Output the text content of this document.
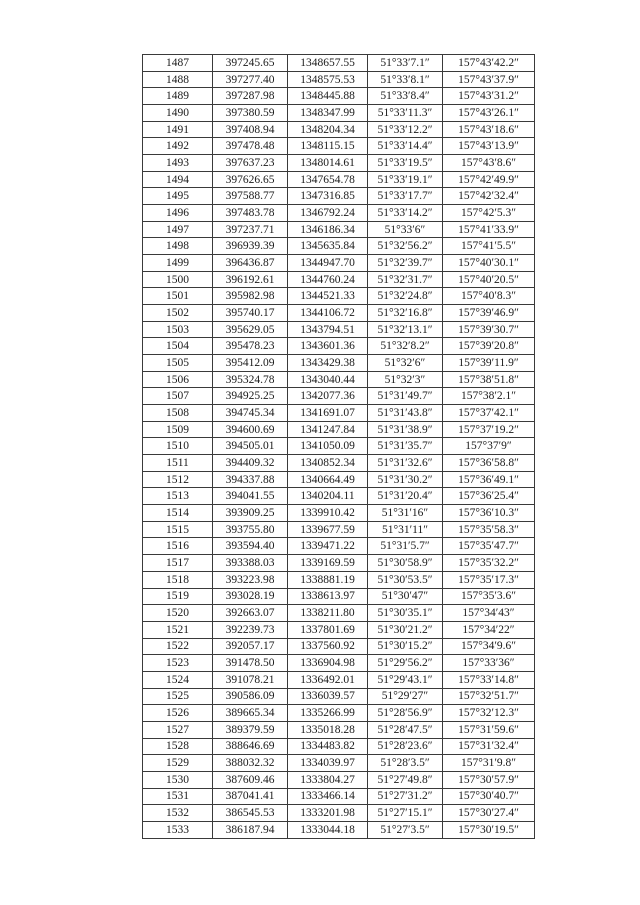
1487	397245.65	1348657.55	51°33′7.1″	157°43′42.2″
1488	397277.40	1348575.53	51°33′8.1″	157°43′37.9″
1489	397287.98	1348445.88	51°33′8.4″	157°43′31.2″
1490	397380.59	1348347.99	51°33′11.3″	157°43′26.1″
1491	397408.94	1348204.34	51°33′12.2″	157°43′18.6″
1492	397478.48	1348115.15	51°33′14.4″	157°43′13.9″
1493	397637.23	1348014.61	51°33′19.5″	157°43′8.6″
1494	397626.65	1347654.78	51°33′19.1″	157°42′49.9″
1495	397588.77	1347316.85	51°33′17.7″	157°42′32.4″
1496	397483.78	1346792.24	51°33′14.2″	157°42′5.3″
1497	397237.71	1346186.34	51°33′6″	157°41′33.9″
1498	396939.39	1345635.84	51°32′56.2″	157°41′5.5″
1499	396436.87	1344947.70	51°32′39.7″	157°40′30.1″
1500	396192.61	1344760.24	51°32′31.7″	157°40′20.5″
1501	395982.98	1344521.33	51°32′24.8″	157°40′8.3″
1502	395740.17	1344106.72	51°32′16.8″	157°39′46.9″
1503	395629.05	1343794.51	51°32′13.1″	157°39′30.7″
1504	395478.23	1343601.36	51°32′8.2″	157°39′20.8″
1505	395412.09	1343429.38	51°32′6″	157°39′11.9″
1506	395324.78	1343040.44	51°32′3″	157°38′51.8″
1507	394925.25	1342077.36	51°31′49.7″	157°38′2.1″
1508	394745.34	1341691.07	51°31′43.8″	157°37′42.1″
1509	394600.69	1341247.84	51°31′38.9″	157°37′19.2″
1510	394505.01	1341050.09	51°31′35.7″	157°37′9″
1511	394409.32	1340852.34	51°31′32.6″	157°36′58.8″
1512	394337.88	1340664.49	51°31′30.2″	157°36′49.1″
1513	394041.55	1340204.11	51°31′20.4″	157°36′25.4″
1514	393909.25	1339910.42	51°31′16″	157°36′10.3″
1515	393755.80	1339677.59	51°31′11″	157°35′58.3″
1516	393594.40	1339471.22	51°31′5.7″	157°35′47.7″
1517	393388.03	1339169.59	51°30′58.9″	157°35′32.2″
1518	393223.98	1338881.19	51°30′53.5″	157°35′17.3″
1519	393028.19	1338613.97	51°30′47″	157°35′3.6″
1520	392663.07	1338211.80	51°30′35.1″	157°34′43″
1521	392239.73	1337801.69	51°30′21.2″	157°34′22″
1522	392057.17	1337560.92	51°30′15.2″	157°34′9.6″
1523	391478.50	1336904.98	51°29′56.2″	157°33′36″
1524	391078.21	1336492.01	51°29′43.1″	157°33′14.8″
1525	390586.09	1336039.57	51°29′27″	157°32′51.7″
1526	389665.34	1335266.99	51°28′56.9″	157°32′12.3″
1527	389379.59	1335018.28	51°28′47.5″	157°31′59.6″
1528	388646.69	1334483.82	51°28′23.6″	157°31′32.4″
1529	388032.32	1334039.97	51°28′3.5″	157°31′9.8″
1530	387609.46	1333804.27	51°27′49.8″	157°30′57.9″
1531	387041.41	1333466.14	51°27′31.2″	157°30′40.7″
1532	386545.53	1333201.98	51°27′15.1″	157°30′27.4″
1533	386187.94	1333044.18	51°27′3.5″	157°30′19.5″
